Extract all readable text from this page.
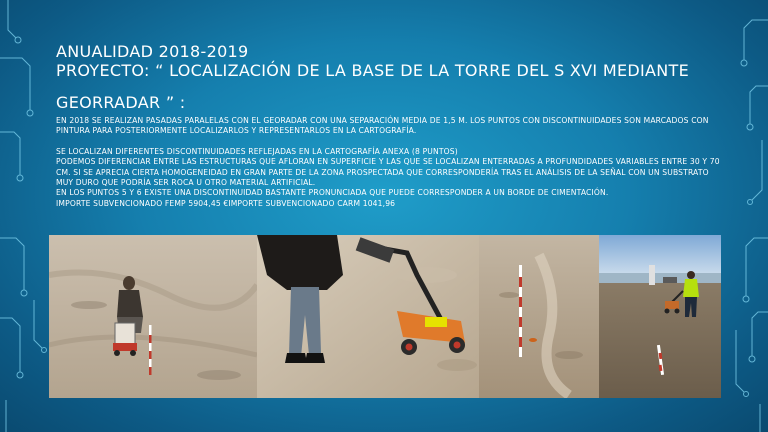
ANUALIDAD 2018-2019
PROYECTO: “ LOCALIZACIÓN DE LA BASE DE LA TORRE DEL S XVI MEDIANTE
GEORRADAR ” :

EN 2018 SE REALIZAN PASADAS PARALELAS CON EL GEORADAR CON UNA SEPARACIÓN MEDIA DE 1,5 M. LOS PUNTOS CON DISCONTINUIDADES SON MARCADOS CON PINTURA PARA POSTERIORMENTE LOCALIZARLOS Y REPRESENTARLOS EN LA CARTOGRAFÍA.

SE LOCALIZAN DIFERENTES DISCONTINUIDADES REFLEJADAS EN LA CARTOGRAFÍA ANEXA (8 PUNTOS)

PODEMOS DIFERENCIAR ENTRE LAS ESTRUCTURAS QUE AFLORAN EN SUPERFICIE Y LAS QUE SE LOCALIZAN ENTERRADAS A PROFUNDIDADES VARIABLES ENTRE 30 Y 70 CM. SI SE APRECIA CIERTA HOMOGENEIDAD EN GRAN PARTE DE LA ZONA PROSPECTADA QUE CORRESPONDERÍA TRAS EL ANÁLISIS DE LA SEÑAL CON UN SUBSTRATO MUY DURO QUE PODRÍA SER ROCA U OTRO MATERIAL ARTIFICIAL.

EN LOS PUNTOS 5 Y 6 EXISTE UNA DISCONTINUIDAD BASTANTE PRONUNCIADA QUE PUEDE CORRESPONDER A UN BORDE DE CIMENTACIÓN.

IMPORTE SUBVENCIONADO FEMP 5904,45 €IMPORTE SUBVENCIONADO CARM 1041,96
